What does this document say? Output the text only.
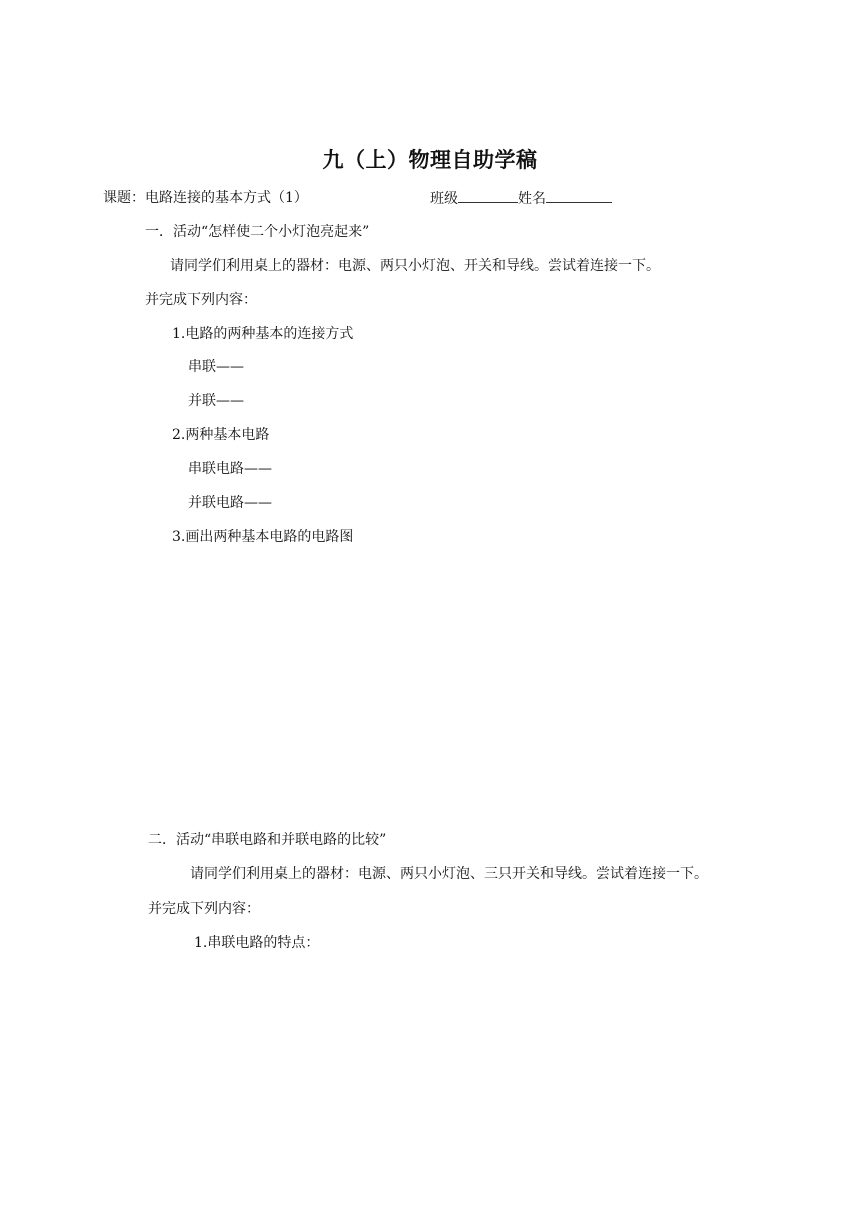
九（上）物理自助学稿
课题：电路连接的基本方式（1）	班级	姓名
一．活动“怎样使二个小灯泡亮起来”
请同学们利用桌上的器材：电源、两只小灯泡、开关和导线。尝试着连接一下。
并完成下列内容：
1.电路的两种基本的连接方式
串联——
并联——
2.两种基本电路
串联电路——
并联电路——
3.画出两种基本电路的电路图
二．活动“串联电路和并联电路的比较”
请同学们利用桌上的器材：电源、两只小灯泡、三只开关和导线。尝试着连接一下。
并完成下列内容：
1.串联电路的特点：
